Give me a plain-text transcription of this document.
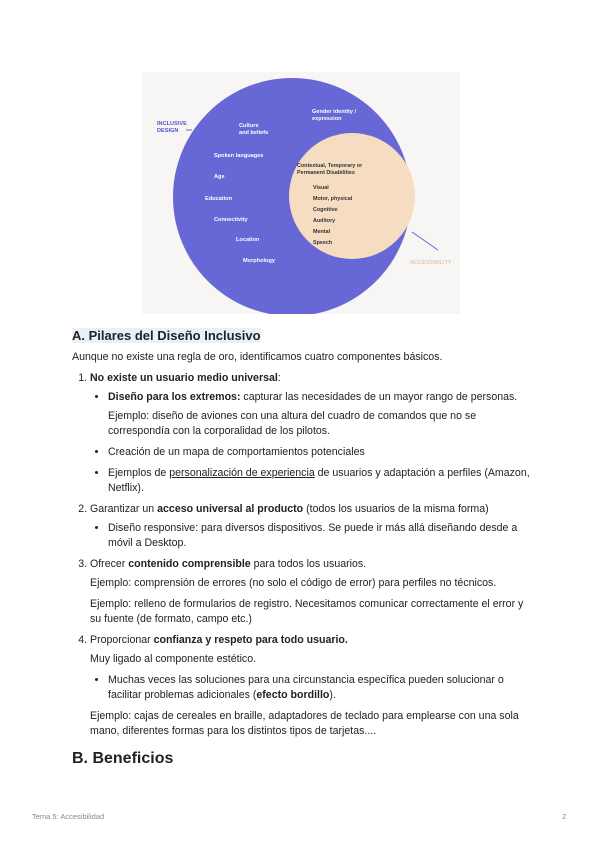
INCLUSIVE
DESIGN
ACCESSIBILITY
Gender identity /
expression
Culture
and beliefs
Spoken languages
Age
Education
Connectivity
Location
Morphology
Contextual, Temporary or
Permanent Disabilities
Visual
Motor, physical
Cognitive
Auditory
Mental
Speech
A. Pilares del Diseño Inclusivo

Aunque no existe una regla de oro, identificamos cuatro componentes básicos.

1. No existe un usuario medio universal:
• Diseño para los extremos: capturar las necesidades de un mayor rango de personas.

Ejemplo: diseño de aviones con una altura del cuadro de comandos que no se correspondía con la corporalidad de los pilotos.

• Creación de un mapa de comportamientos potenciales
• Ejemplos de personalización de experiencia de usuarios y adaptación a perfiles (Amazon, Netflix).
2. Garantizar un acceso universal al producto (todos los usuarios de la misma forma)
• Diseño responsive: para diversos dispositivos. Se puede ir más allá diseñando desde a móvil a Desktop.
3. Ofrecer contenido comprensible para todos los usuarios.

Ejemplo: comprensión de errores (no solo el código de error) para perfiles no técnicos.

Ejemplo: relleno de formularios de registro. Necesitamos comunicar correctamente el error y su fuente (de formato, campo etc.)

4. Proporcionar confianza y respeto para todo usuario.

Muy ligado al componente estético.

• Muchas veces las soluciones para una circunstancia específica pueden solucionar o facilitar problemas adicionales (efecto bordillo).

Ejemplo: cajas de cereales en braille, adaptadores de teclado para emplearse con una sola mano, diferentes formas para los distintos tipos de tarjetas....

B. Beneficios
Tema 5: Accesibilidad	2
